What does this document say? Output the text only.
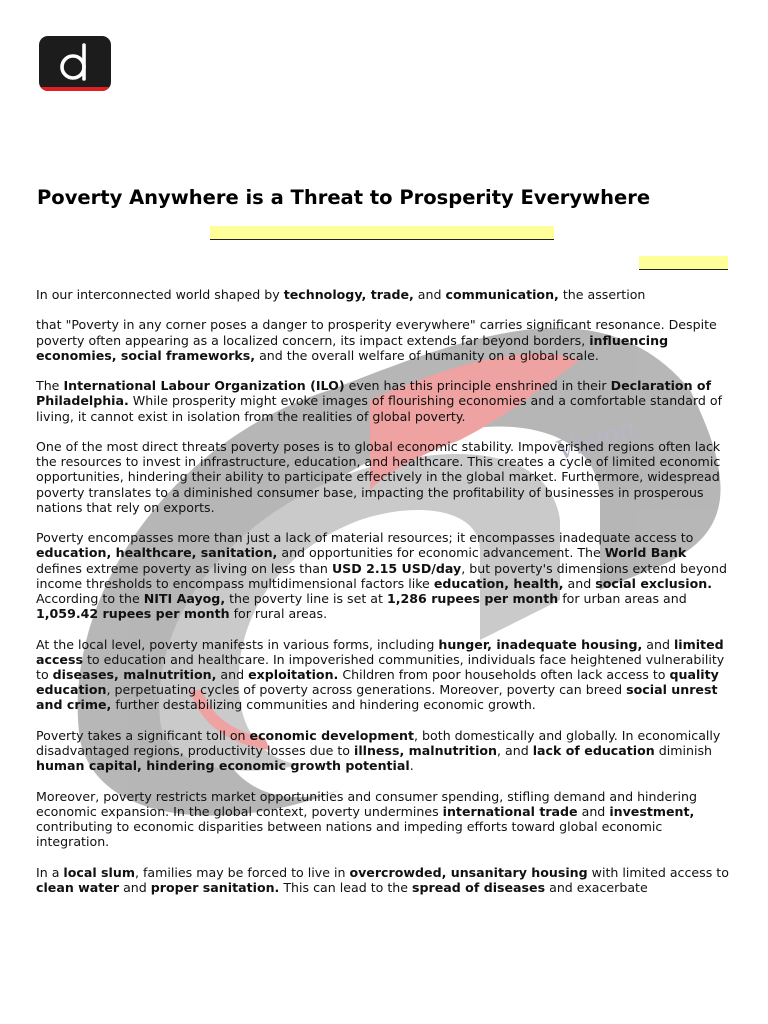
Vision
Poverty Anywhere is a Threat to Prosperity Everywhere

In our interconnected world shaped by technology, trade, and communication, the assertion

that "Poverty in any corner poses a danger to prosperity everywhere" carries significant resonance. Despite poverty often appearing as a localized concern, its impact extends far beyond borders, influencing economies, social frameworks, and the overall welfare of humanity on a global scale.

The International Labour Organization (ILO) even has this principle enshrined in their Declaration of Philadelphia. While prosperity might evoke images of flourishing economies and a comfortable standard of living, it cannot exist in isolation from the realities of global poverty.

One of the most direct threats poverty poses is to global economic stability. Impoverished regions often lack the resources to invest in infrastructure, education, and healthcare. This creates a cycle of limited economic opportunities, hindering their ability to participate effectively in the global market. Furthermore, widespread poverty translates to a diminished consumer base, impacting the profitability of businesses in prosperous nations that rely on exports.

Poverty encompasses more than just a lack of material resources; it encompasses inadequate access to education, healthcare, sanitation, and opportunities for economic advancement. The World Bank defines extreme poverty as living on less than USD 2.15 USD/day, but poverty's dimensions extend beyond income thresholds to encompass multidimensional factors like education, health, and social exclusion. According to the NITI Aayog, the poverty line is set at 1,286 rupees per month for urban areas and 1,059.42 rupees per month for rural areas.

At the local level, poverty manifests in various forms, including hunger, inadequate housing, and limited access to education and healthcare. In impoverished communities, individuals face heightened vulnerability to diseases, malnutrition, and exploitation. Children from poor households often lack access to quality education, perpetuating cycles of poverty across generations. Moreover, poverty can breed social unrest and crime, further destabilizing communities and hindering economic growth.

Poverty takes a significant toll on economic development, both domestically and globally. In economically disadvantaged regions, productivity losses due to illness, malnutrition, and lack of education diminish human capital, hindering economic growth potential.

Moreover, poverty restricts market opportunities and consumer spending, stifling demand and hindering economic expansion. In the global context, poverty undermines international trade and investment, contributing to economic disparities between nations and impeding efforts toward global economic integration.

In a local slum, families may be forced to live in overcrowded, unsanitary housing with limited access to clean water and proper sanitation. This can lead to the spread of diseases and exacerbate
